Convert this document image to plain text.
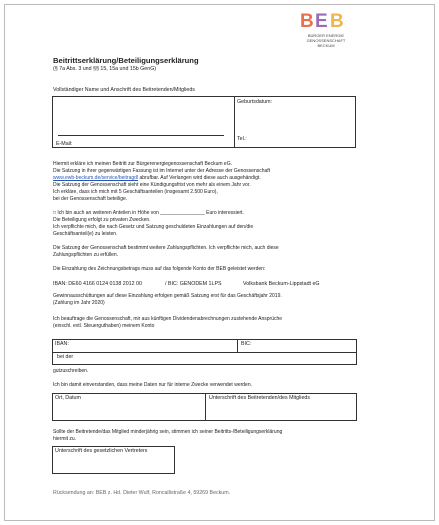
B E B
BÜRGER ENERGIE
GENOSSENSCHAFT
BECKUM
Beitrittserklärung/Beteiligungserklärung
(§ 7a Abs. 3 und §§ 15, 15a und 15b GenG)
Vollständiger Name und Anschrift des Beitretenden/Mitglieds
Geburtsdatum:
E-Mail:
Tel.:
Hiermit erkläre ich meinen Beitritt zur Bürgerenergiegenossenschaft Beckum eG.
Die Satzung in ihrer gegenwärtigen Fassung ist im Internet unter der Adresse der Genossenschaft
www.ewb-beckum.de/service/beitragdl abrufbar. Auf Verlangen wird diese auch ausgehändigt.
Die Satzung der Genossenschaft sieht eine Kündigungsfrist von mehr als einem Jahr vor.
Ich erkläre, dass ich mich mit 5 Geschäftsanteilen (insgesamt 2.500 Euro),
bei der Genossenschaft beteilige.
□ Ich bin auch an weiteren Anteilen in Höhe von ________________ Euro interessiert.
Die Beteiligung erfolgt zu privaten Zwecken.
Ich verpflichte mich, die nach Gesetz und Satzung geschuldeten Einzahlungen auf den/die
Geschäftsanteil(e) zu leisten.
Die Satzung der Genossenschaft bestimmt weitere Zahlungspflichten. Ich verpflichte mich, auch diese
Zahlungspflichten zu erfüllen.
Die Einzahlung des Zeichnungsbetrags muss auf das folgende Konto der BEB geleistet werden:
IBAN: DE60 4166 0124 0138 2012 00	/ BIC: GENODEM 1LPS	Volksbank Beckum-Lippstadt eG
Gewinnausschüttungen auf diese Einzahlung erfolgen gemäß Satzung erst für das Geschäftsjahr 2019.
(Zahlung im Jahr 2020)
Ich beauftrage die Genossenschaft, mir aus künftigen Dividendenabrechnungen zustehende Ansprüche
(einschl. evtl. Steuerguthaben) meinem Konto
IBAN:	BIC:
bei der
gutzuschreiben.
Ich bin damit einverstanden, dass meine Daten nur für interne Zwecke verwendet werden.
Ort, Datum	Unterschrift des Beitretenden/des Mitglieds
Sollte der Beitretende/das Mitglied minderjährig sein, stimmen ich seiner Beitritts-/Beteiligungserklärung
hiermit zu.
Unterschrift des gesetzlichen Vertreters
Rücksendung an: BEB z. Hd. Dieter Wulf, Roncallistraße 4, 59269 Beckum.
